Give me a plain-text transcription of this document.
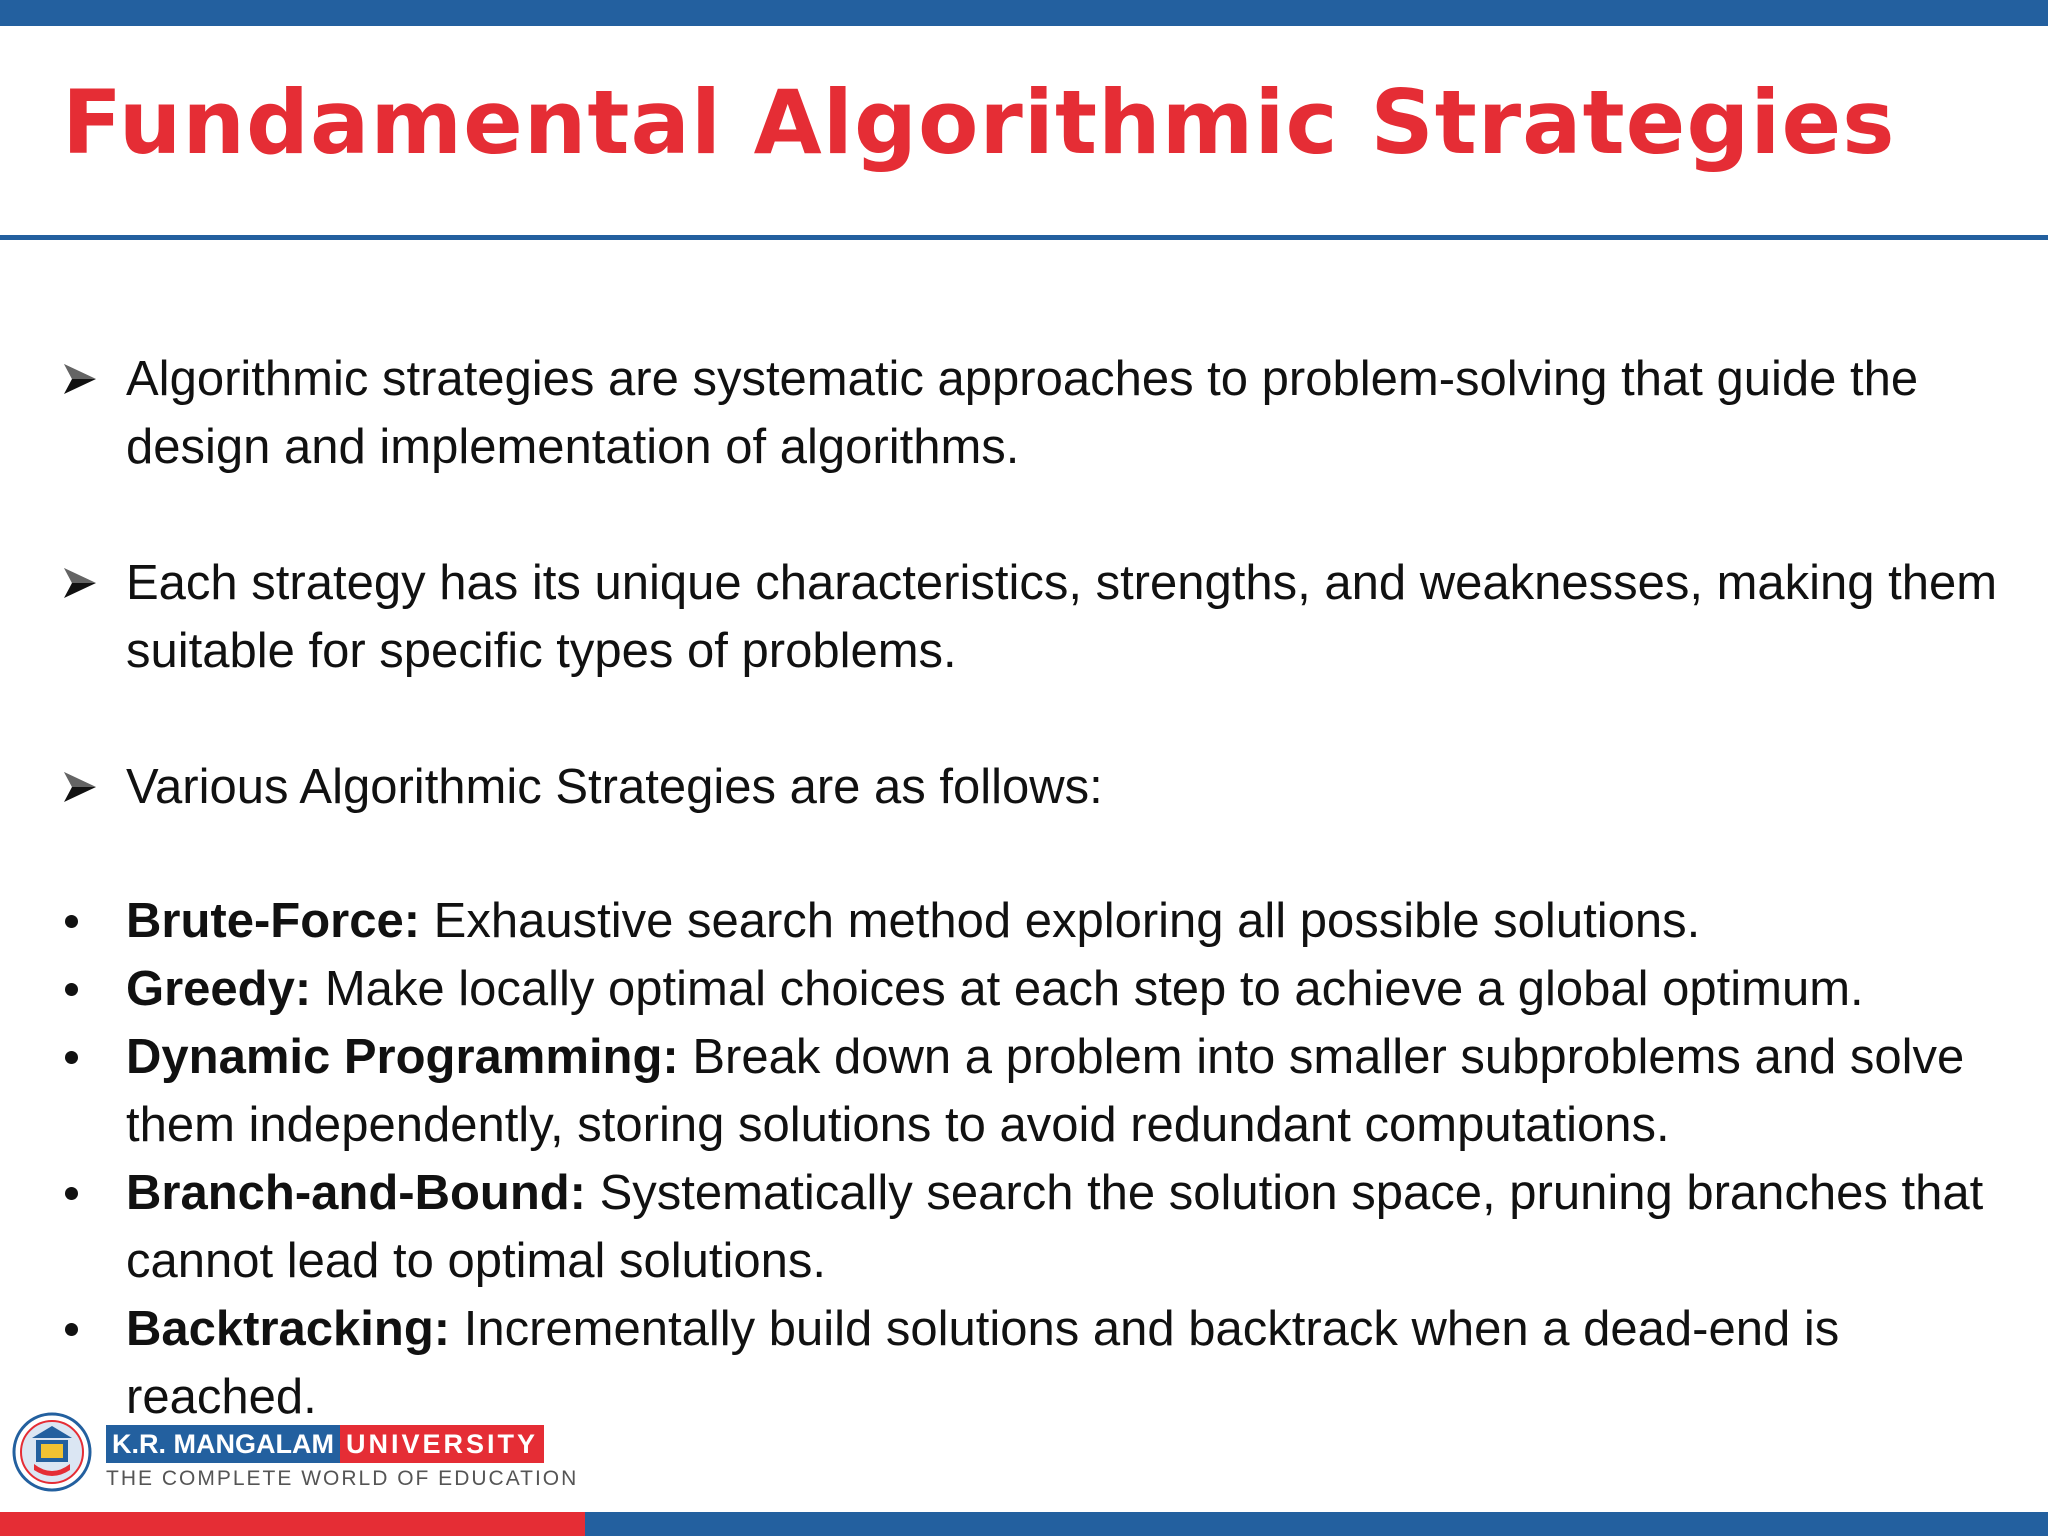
Fundamental Algorithmic Strategies
Algorithmic strategies are systematic approaches to problem-solving that guide the design and implementation of algorithms.
Each strategy has its unique characteristics, strengths, and weaknesses, making them suitable for specific types of problems.
Various Algorithmic Strategies are as follows:
Brute-Force: Exhaustive search method exploring all possible solutions.
Greedy: Make locally optimal choices at each step to achieve a global optimum.
Dynamic Programming: Break down a problem into smaller subproblems and solve them independently, storing solutions to avoid redundant computations.
Branch-and-Bound: Systematically search the solution space, pruning branches that cannot lead to optimal solutions.
Backtracking: Incrementally build solutions and backtrack when a dead-end is reached.
K.R. MANGALAM UNIVERSITY
THE COMPLETE WORLD OF EDUCATION
